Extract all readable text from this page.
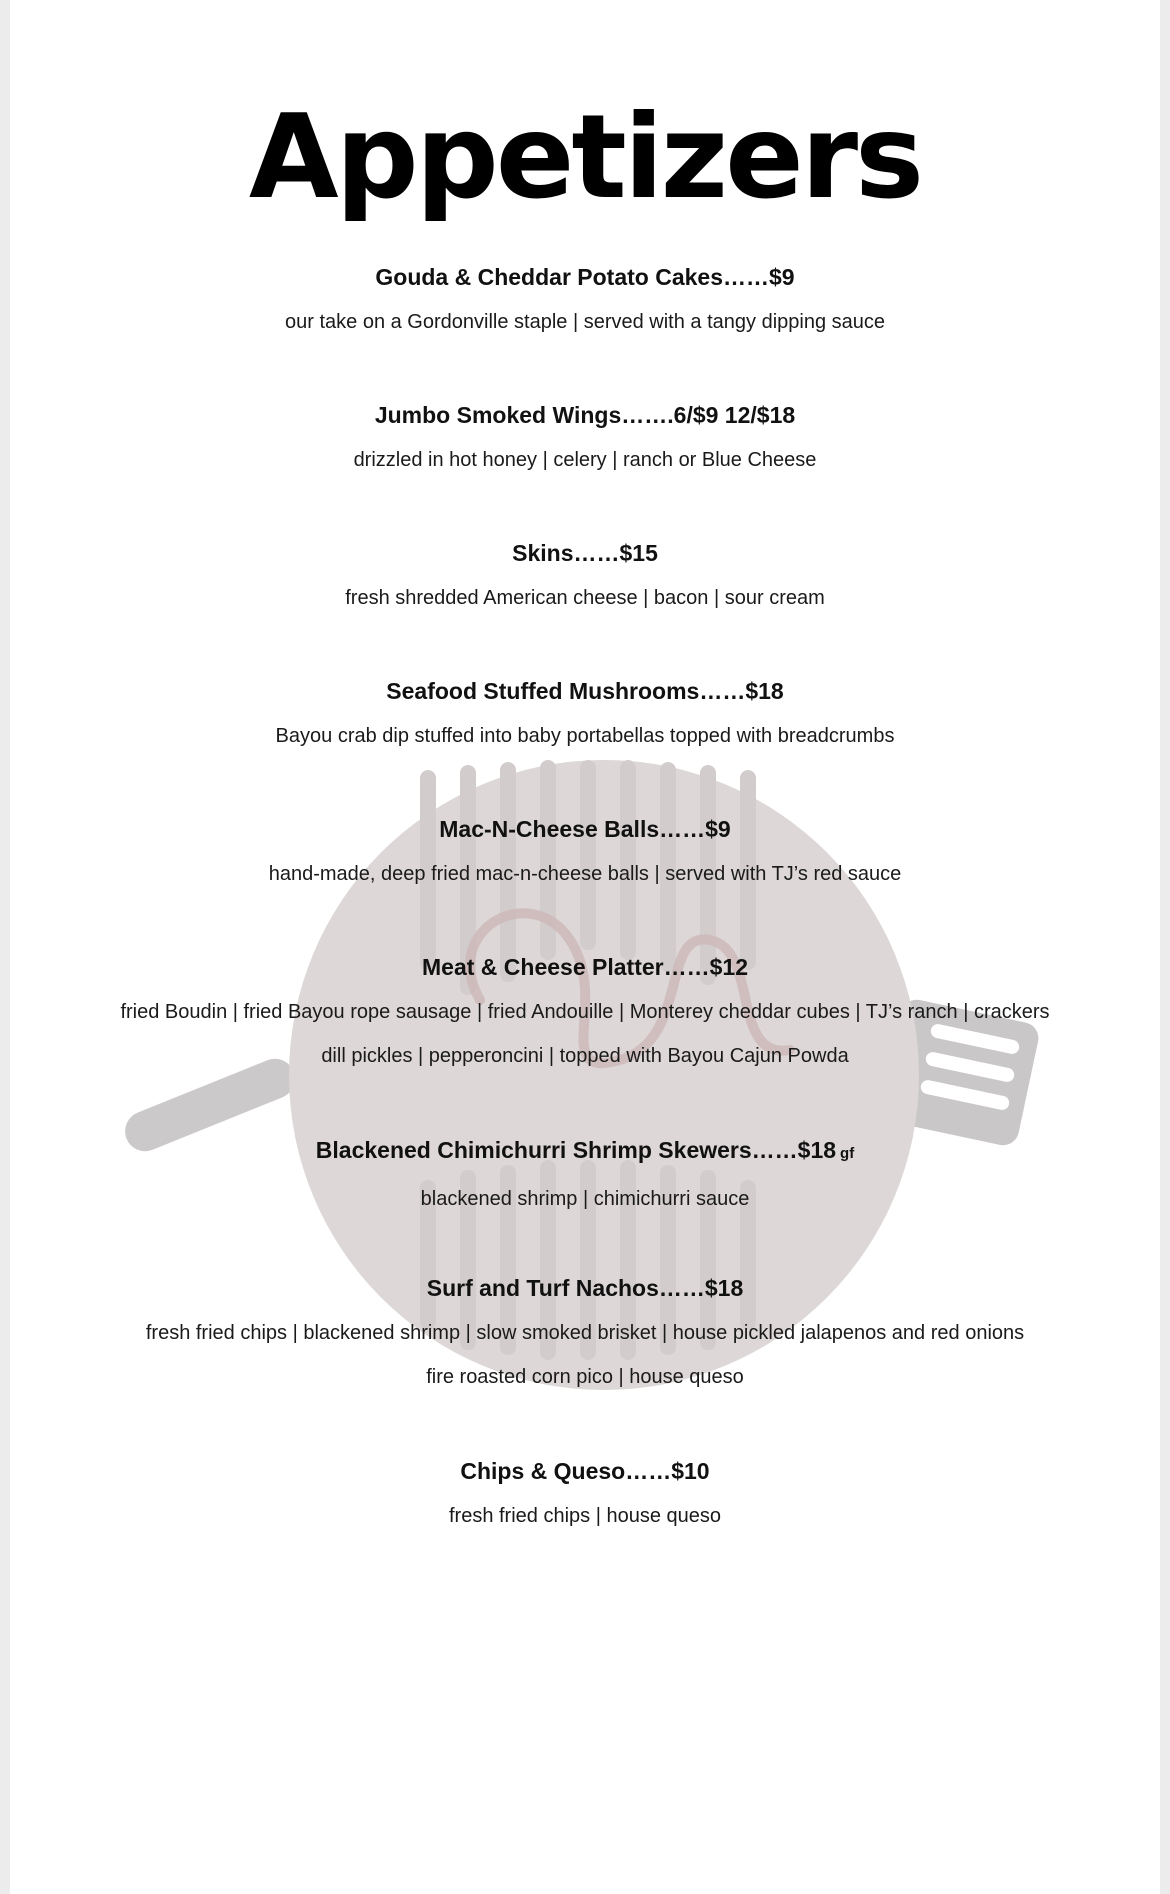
Appetizers
Gouda & Cheddar Potato Cakes……$9
our take on a Gordonville staple | served with a tangy dipping sauce
Jumbo Smoked Wings…….6/$9 12/$18
drizzled in hot honey | celery | ranch or Blue Cheese
Skins……$15
fresh shredded American cheese | bacon | sour cream
Seafood Stuffed Mushrooms……$18
Bayou crab dip stuffed into baby portabellas topped with breadcrumbs
Mac-N-Cheese Balls……$9
hand-made, deep fried mac-n-cheese balls | served with TJ’s red sauce
Meat & Cheese Platter……$12
fried Boudin | fried Bayou rope sausage | fried Andouille | Monterey cheddar cubes | TJ’s ranch | crackers
dill pickles | pepperoncini | topped with Bayou Cajun Powda
Blackened Chimichurri Shrimp Skewers……$18 gf
blackened shrimp | chimichurri sauce
Surf and Turf Nachos……$18
fresh fried chips | blackened shrimp | slow smoked brisket | house pickled jalapenos and red onions
fire roasted corn pico | house queso
Chips & Queso……$10
fresh fried chips | house queso
